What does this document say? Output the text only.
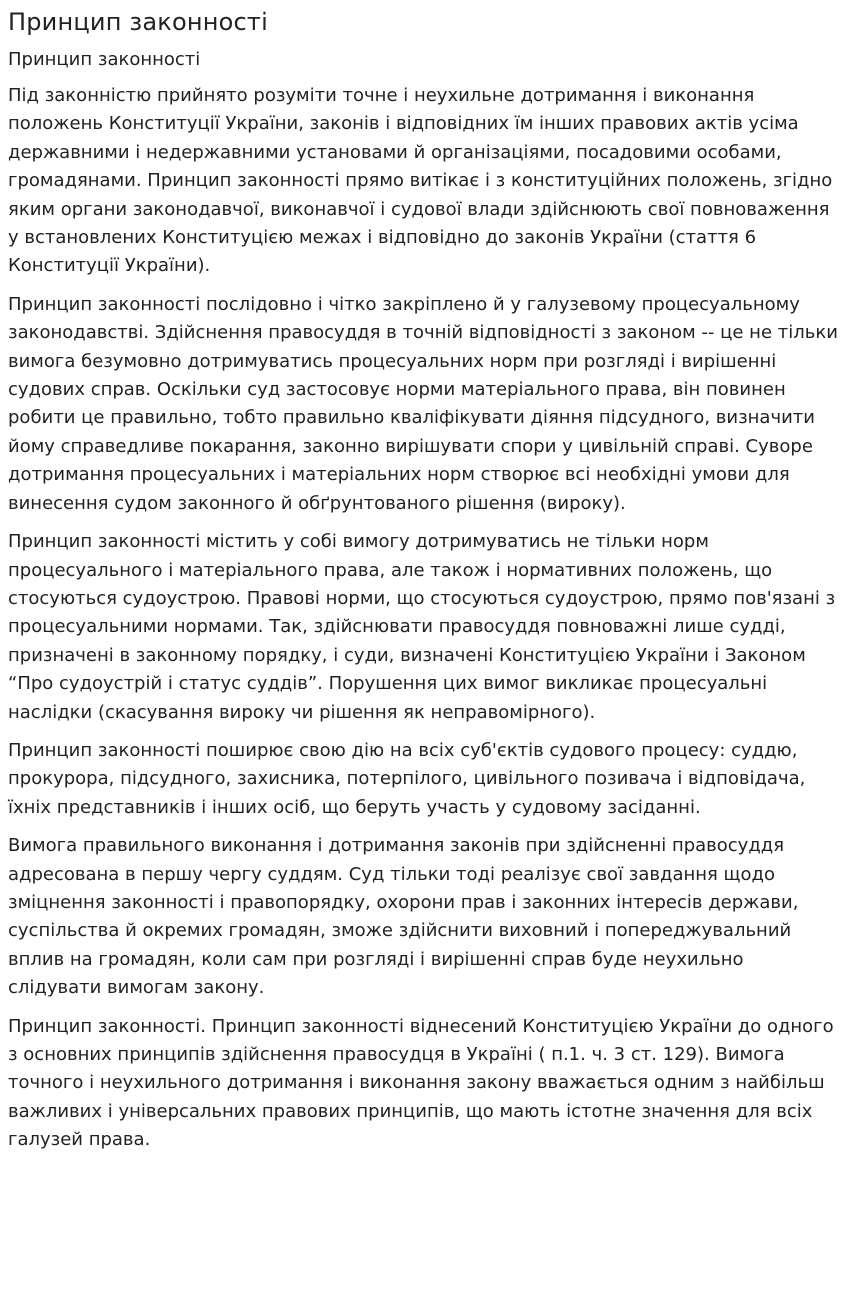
Принцип законності
Принцип законності

Під законністю прийнято розуміти точне і неухильне дотримання і виконання положень Конституції України, законів і відповідних їм інших правових актів усіма державними і недержавними установами й організаціями, посадовими особами, громадянами. Принцип законності прямо витікає і з конституційних положень, згідно яким органи законодавчої, виконавчої і судової влади здійснюють свої повноваження у встановлених Конституцією межах і відповідно до законів України (стаття 6 Конституції України).

Принцип законності послідовно і чітко закріплено й у галузевому процесуальному законодавстві. Здійснення правосуддя в точній відповідності з законом -- це не тільки вимога безумовно дотримуватись процесуальних норм при розгляді і вирішенні судових справ. Оскільки суд застосовує норми матеріального права, він повинен робити це правильно, тобто правильно кваліфікувати діяння підсудного, визначити йому справедливе покарання, законно вирішувати спори у цивільній справі. Суворе дотримання процесуальних і матеріальних норм створює всі необхідні умови для винесення судом законного й обґрунтованого рішення (вироку).

Принцип законності містить у собі вимогу дотримуватись не тільки норм процесуального і матеріального права, але також і нормативних положень, що стосуються судоустрою. Правові норми, що стосуються судоустрою, прямо пов'язані з процесуальними нормами. Так, здійснювати правосуддя повноважні лише судді, призначені в законному порядку, і суди, визначені Конституцією України і Законом “Про судоустрій і статус суддів”. Порушення цих вимог викликає процесуальні наслідки (скасування вироку чи рішення як неправомірного).

Принцип законності поширює свою дію на всіх суб'єктів судового процесу: суддю, прокурора, підсудного, захисника, потерпілого, цивільного позивача і відповідача, їхніх представників і інших осіб, що беруть участь у судовому засіданні.

Вимога правильного виконання і дотримання законів при здійсненні правосуддя адресована в першу чергу суддям. Суд тільки тоді реалізує свої завдання щодо зміцнення законності і правопорядку, охорони прав і законних інтересів держави, суспільства й окремих громадян, зможе здійснити виховний і попереджувальний вплив на громадян, коли сам при розгляді і вирішенні справ буде неухильно слідувати вимогам закону.

Принцип законності. Принцип законності віднесений Конституцією України до одного з основних принципів здійснення правосудця в Україні ( п.1. ч. 3 ст. 129). Вимога точного і неухильного дотримання і виконання закону вважається одним з найбільш важливих і універсальних правових принципів, що мають істотне значення для всіх галузей права.
